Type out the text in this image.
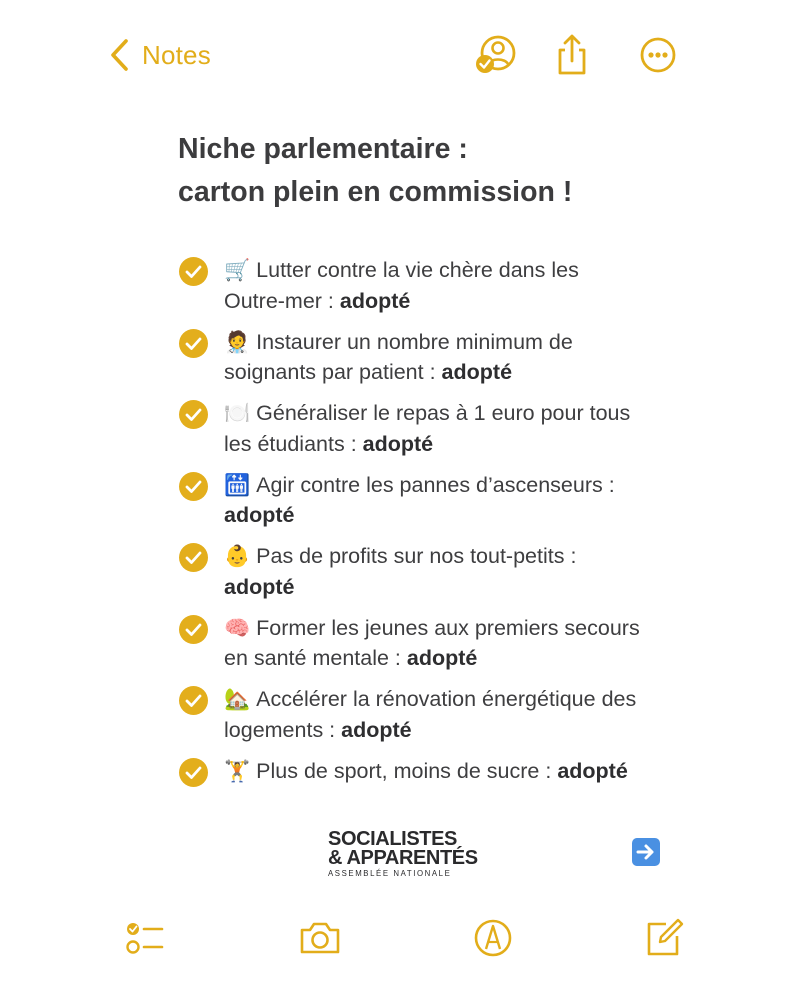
Notes
Niche parlementaire :
carton plein en commission !
🛒 Lutter contre la vie chère dans les Outre-mer : adopté
🧑‍⚕️ Instaurer un nombre minimum de soignants par patient : adopté
🍽️ Généraliser le repas à 1 euro pour tous les étudiants : adopté
🛗 Agir contre les pannes d’ascenseurs : adopté
👶 Pas de profits sur nos tout-petits : adopté
🧠 Former les jeunes aux premiers secours en santé mentale : adopté
🏡 Accélérer la rénovation énergétique des logements : adopté
🏋️ Plus de sport, moins de sucre : adopté
SOCIALISTES
& APPARENTÉS
ASSEMBLÉE NATIONALE
